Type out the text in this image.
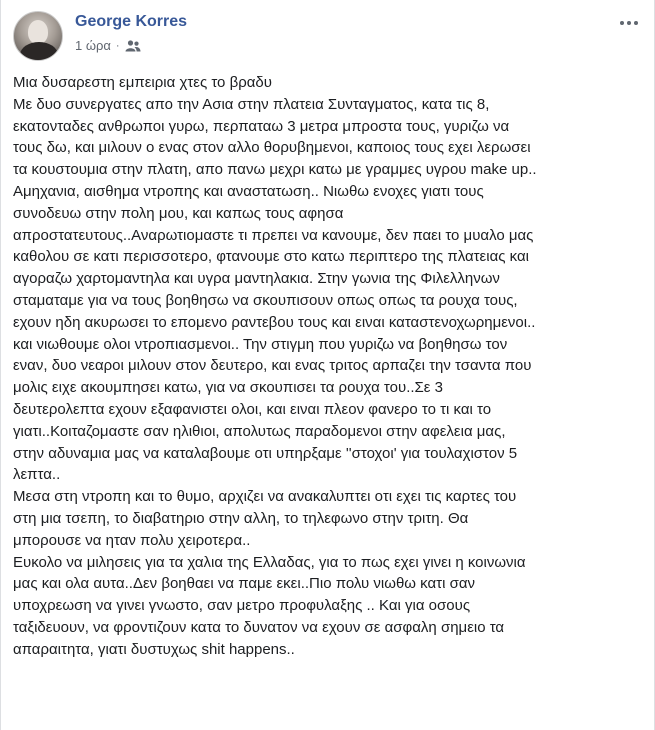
George Korres
1 ώρα ·

Μια δυσαρεστη εμπειρια χτες το βραδυ

Με δυο συνεργατες απο την Ασια στην πλατεια Συνταγματος, κατα τις 8,

εκατονταδες ανθρωποι γυρω, περπαταω 3 μετρα μπροστα τους, γυριζω να

τους δω, και μιλουν ο ενας στον αλλο θορυβημενοι, καποιος τους εχει λερωσει

τα κουστουμια στην πλατη, απο πανω μεχρι κατω με γραμμες υγρου make up..

Αμηχανια, αισθημα ντροπης και αναστατωση.. Νιωθω ενοχες γιατι τους

συνοδευω στην πολη μου, και καπως τους αφησα

απροστατευτους..Αναρωτιομαστε τι πρεπει να κανουμε, δεν παει το μυαλο μας

καθολου σε κατι περισσοτερο, φτανουμε στο κατω περιπτερο της πλατειας και

αγοραζω χαρτομαντηλα και υγρα μαντηλακια. Στην γωνια της Φιλελληνων

σταματαμε για να τους βοηθησω να σκουπισουν οπως οπως τα ρουχα τους,

εχουν ηδη ακυρωσει το επομενο ραντεβου τους και ειναι καταστενοχωρημενοι..

και νιωθουμε ολοι ντροπιασμενοι.. Την στιγμη που γυριζω να βοηθησω τον

εναν, δυο νεαροι μιλουν στον δευτερο, και ενας τριτος αρπαζει την τσαντα που

μολις ειχε ακουμπησει κατω, για να σκουπισει τα ρουχα του..Σε 3

δευτερολεπτα εχουν εξαφανιστει ολοι, και ειναι πλεον φανερο το τι και το

γιατι..Κοιταζομαστε σαν ηλιθιοι, απολυτως παραδομενοι στην αφελεια μας,

στην αδυναμια μας να καταλαβουμε οτι υπηρξαμε ''στοχοι' για τουλαχιστον 5

λεπτα..

Μεσα στη ντροπη και το θυμο, αρχιζει να ανακαλυπτει οτι εχει τις καρτες του

στη μια τσεπη, το διαβατηριο στην αλλη, το τηλεφωνο στην τριτη. Θα

μπορουσε να ηταν πολυ χειροτερα..

Ευκολο να μιλησεις για τα χαλια της Ελλαδας, για το πως εχει γινει η κοινωνια

μας και ολα αυτα..Δεν βοηθαει να παμε εκει..Πιο πολυ νιωθω κατι σαν

υποχρεωση να γινει γνωστο, σαν μετρο προφυλαξης .. Και για οσους

ταξιδευουν, να φροντιζουν κατα το δυνατον να εχουν σε ασφαλη σημειο τα

απαραιτητα, γιατι δυστυχως shit happens..
